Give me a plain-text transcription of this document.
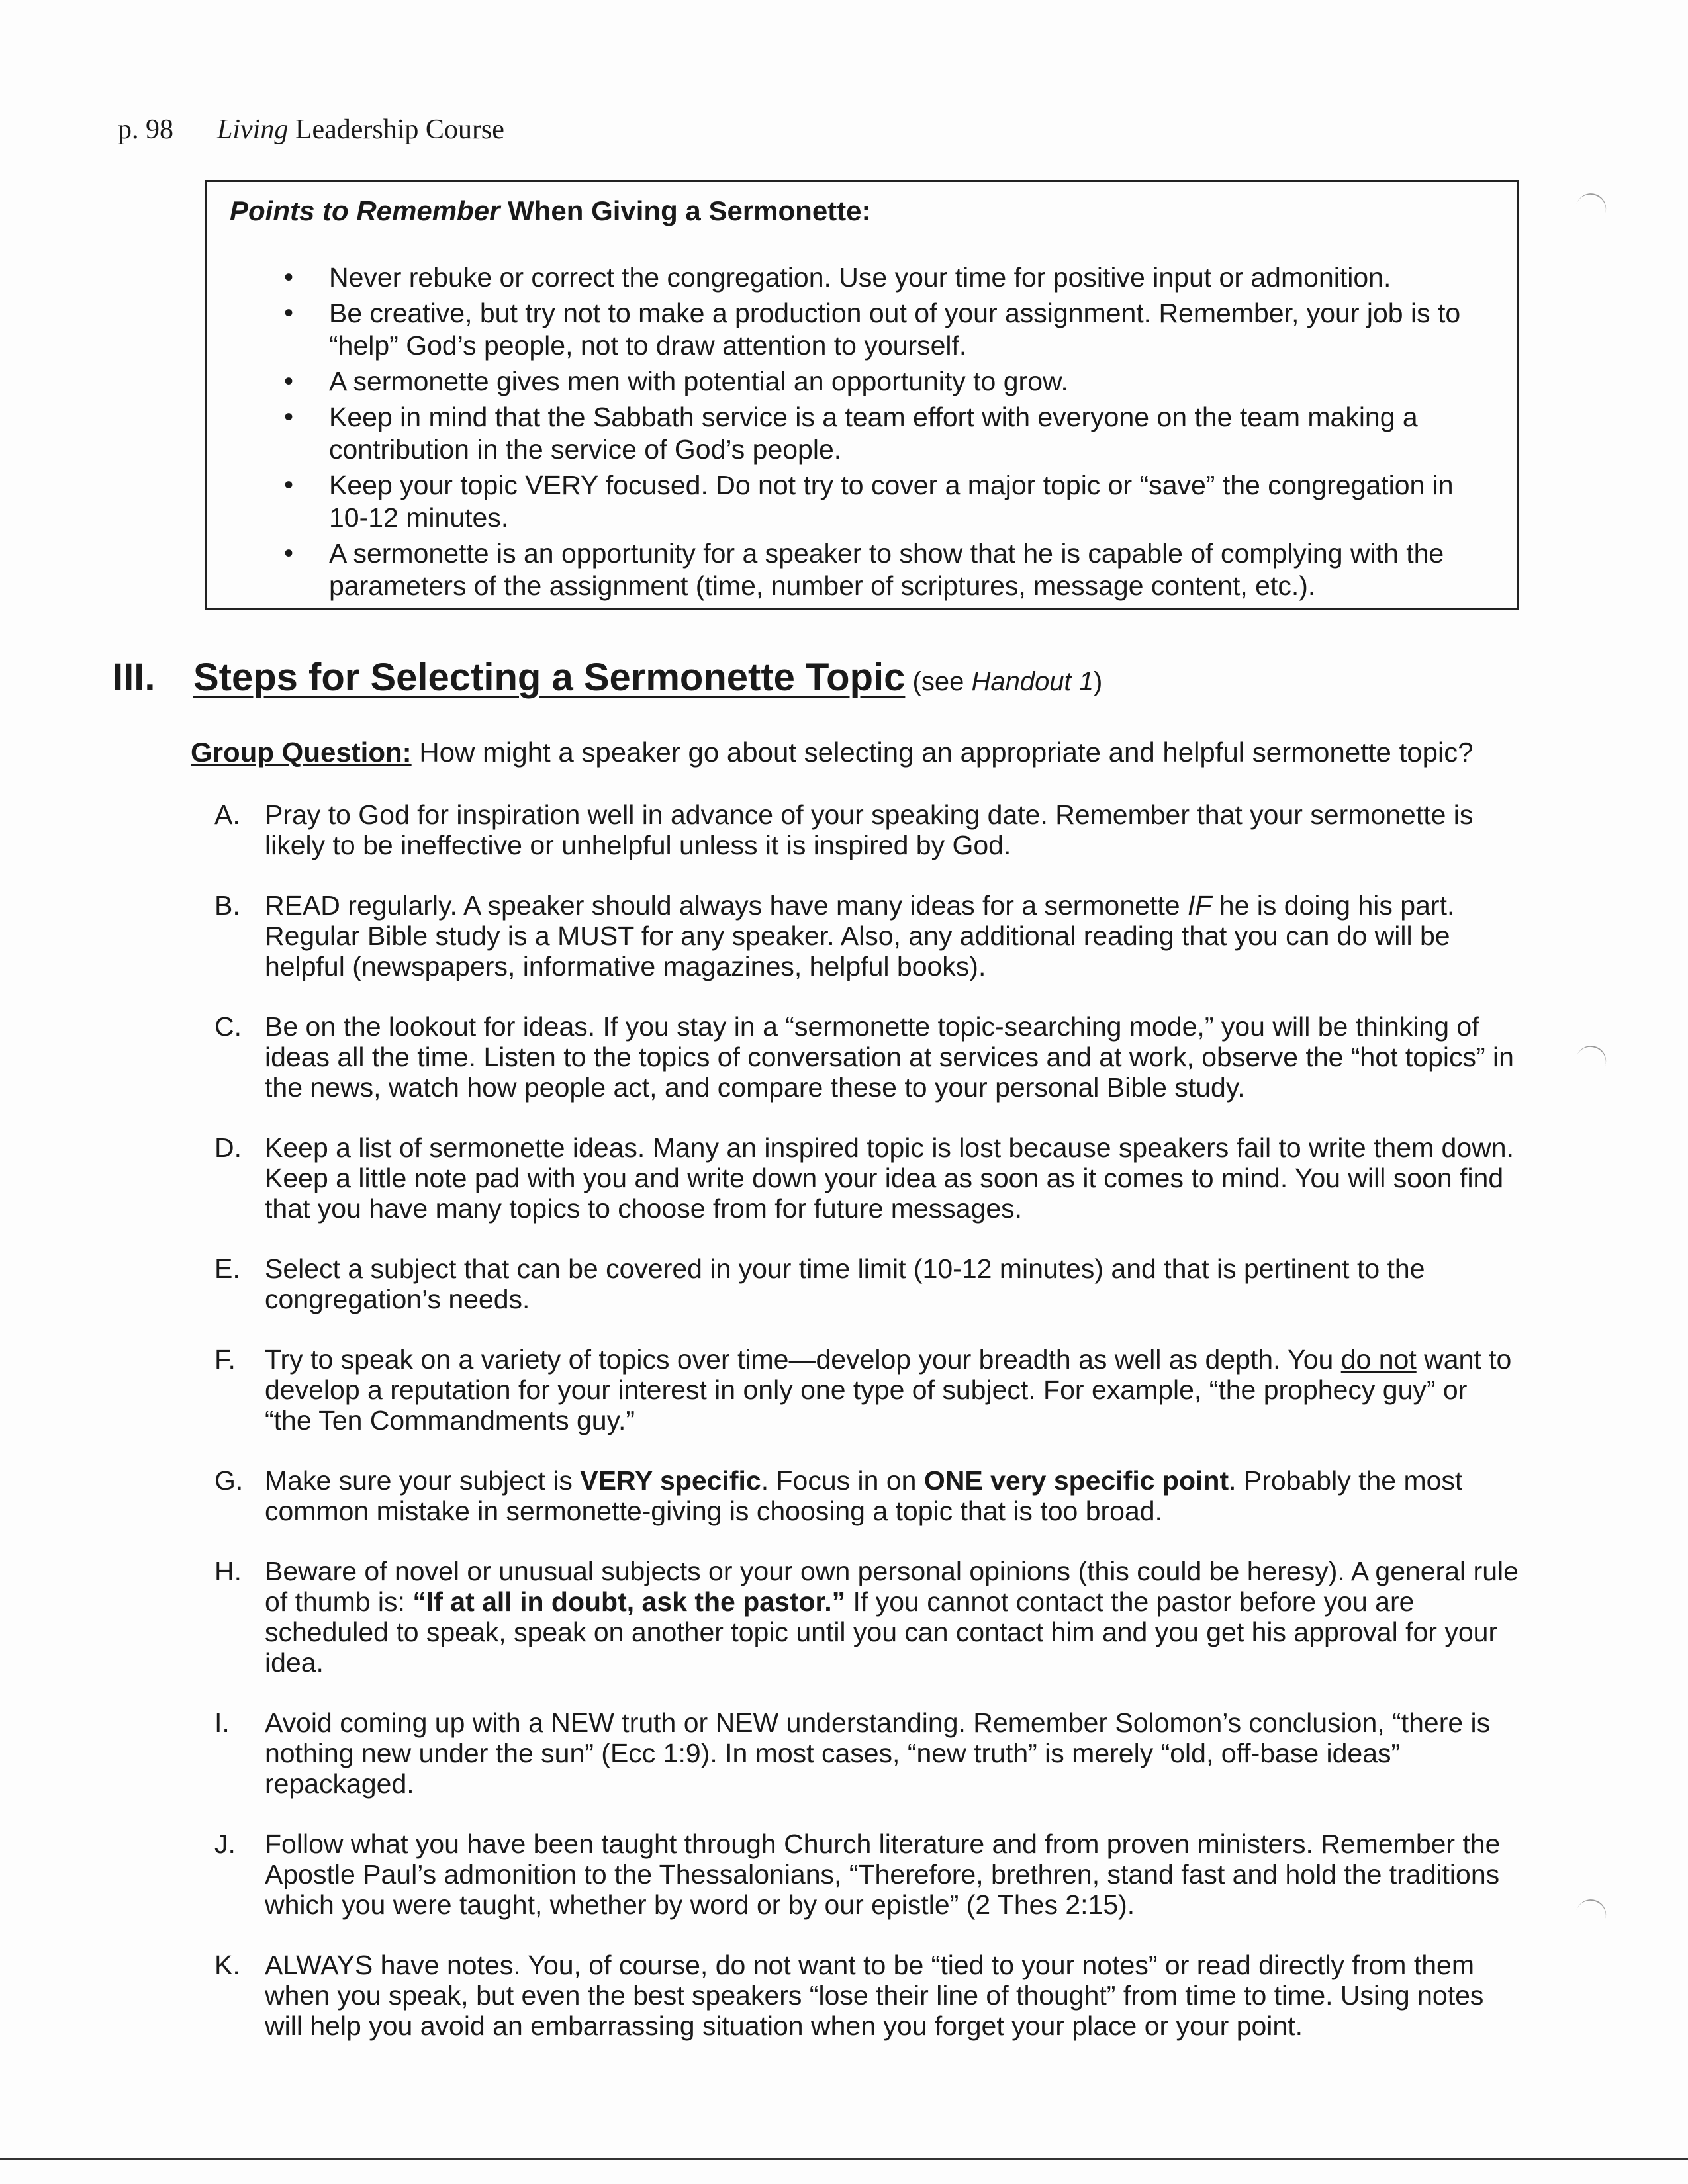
p. 98 Living Leadership Course
Points to Remember When Giving a Sermonette:
• Never rebuke or correct the congregation. Use your time for positive input or admonition.
• Be creative, but try not to make a production out of your assignment. Remember, your job is to “help” God’s people, not to draw attention to yourself.
• A sermonette gives men with potential an opportunity to grow.
• Keep in mind that the Sabbath service is a team effort with everyone on the team making a contribution in the service of God’s people.
• Keep your topic VERY focused. Do not try to cover a major topic or “save” the congregation in 10-12 minutes.
• A sermonette is an opportunity for a speaker to show that he is capable of complying with the parameters of the assignment (time, number of scriptures, message content, etc.).
III. Steps for Selecting a Sermonette Topic (see Handout 1)
Group Question: How might a speaker go about selecting an appropriate and helpful sermonette topic?
A. Pray to God for inspiration well in advance of your speaking date. Remember that your sermonette is likely to be ineffective or unhelpful unless it is inspired by God.
B. READ regularly. A speaker should always have many ideas for a sermonette IF he is doing his part. Regular Bible study is a MUST for any speaker. Also, any additional reading that you can do will be helpful (newspapers, informative magazines, helpful books).
C. Be on the lookout for ideas. If you stay in a “sermonette topic-searching mode,” you will be thinking of ideas all the time. Listen to the topics of conversation at services and at work, observe the “hot topics” in the news, watch how people act, and compare these to your personal Bible study.
D. Keep a list of sermonette ideas. Many an inspired topic is lost because speakers fail to write them down. Keep a little note pad with you and write down your idea as soon as it comes to mind. You will soon find that you have many topics to choose from for future messages.
E. Select a subject that can be covered in your time limit (10-12 minutes) and that is pertinent to the congregation’s needs.
F. Try to speak on a variety of topics over time—develop your breadth as well as depth. You do not want to develop a reputation for your interest in only one type of subject. For example, “the prophecy guy” or “the Ten Commandments guy.”
G. Make sure your subject is VERY specific. Focus in on ONE very specific point. Probably the most common mistake in sermonette-giving is choosing a topic that is too broad.
H. Beware of novel or unusual subjects or your own personal opinions (this could be heresy). A general rule of thumb is: “If at all in doubt, ask the pastor.” If you cannot contact the pastor before you are scheduled to speak, speak on another topic until you can contact him and you get his approval for your idea.
I. Avoid coming up with a NEW truth or NEW understanding. Remember Solomon’s conclusion, “there is nothing new under the sun” (Ecc 1:9). In most cases, “new truth” is merely “old, off-base ideas” repackaged.
J. Follow what you have been taught through Church literature and from proven ministers. Remember the Apostle Paul’s admonition to the Thessalonians, “Therefore, brethren, stand fast and hold the traditions which you were taught, whether by word or by our epistle” (2 Thes 2:15).
K. ALWAYS have notes. You, of course, do not want to be “tied to your notes” or read directly from them when you speak, but even the best speakers “lose their line of thought” from time to time. Using notes will help you avoid an embarrassing situation when you forget your place or your point.
